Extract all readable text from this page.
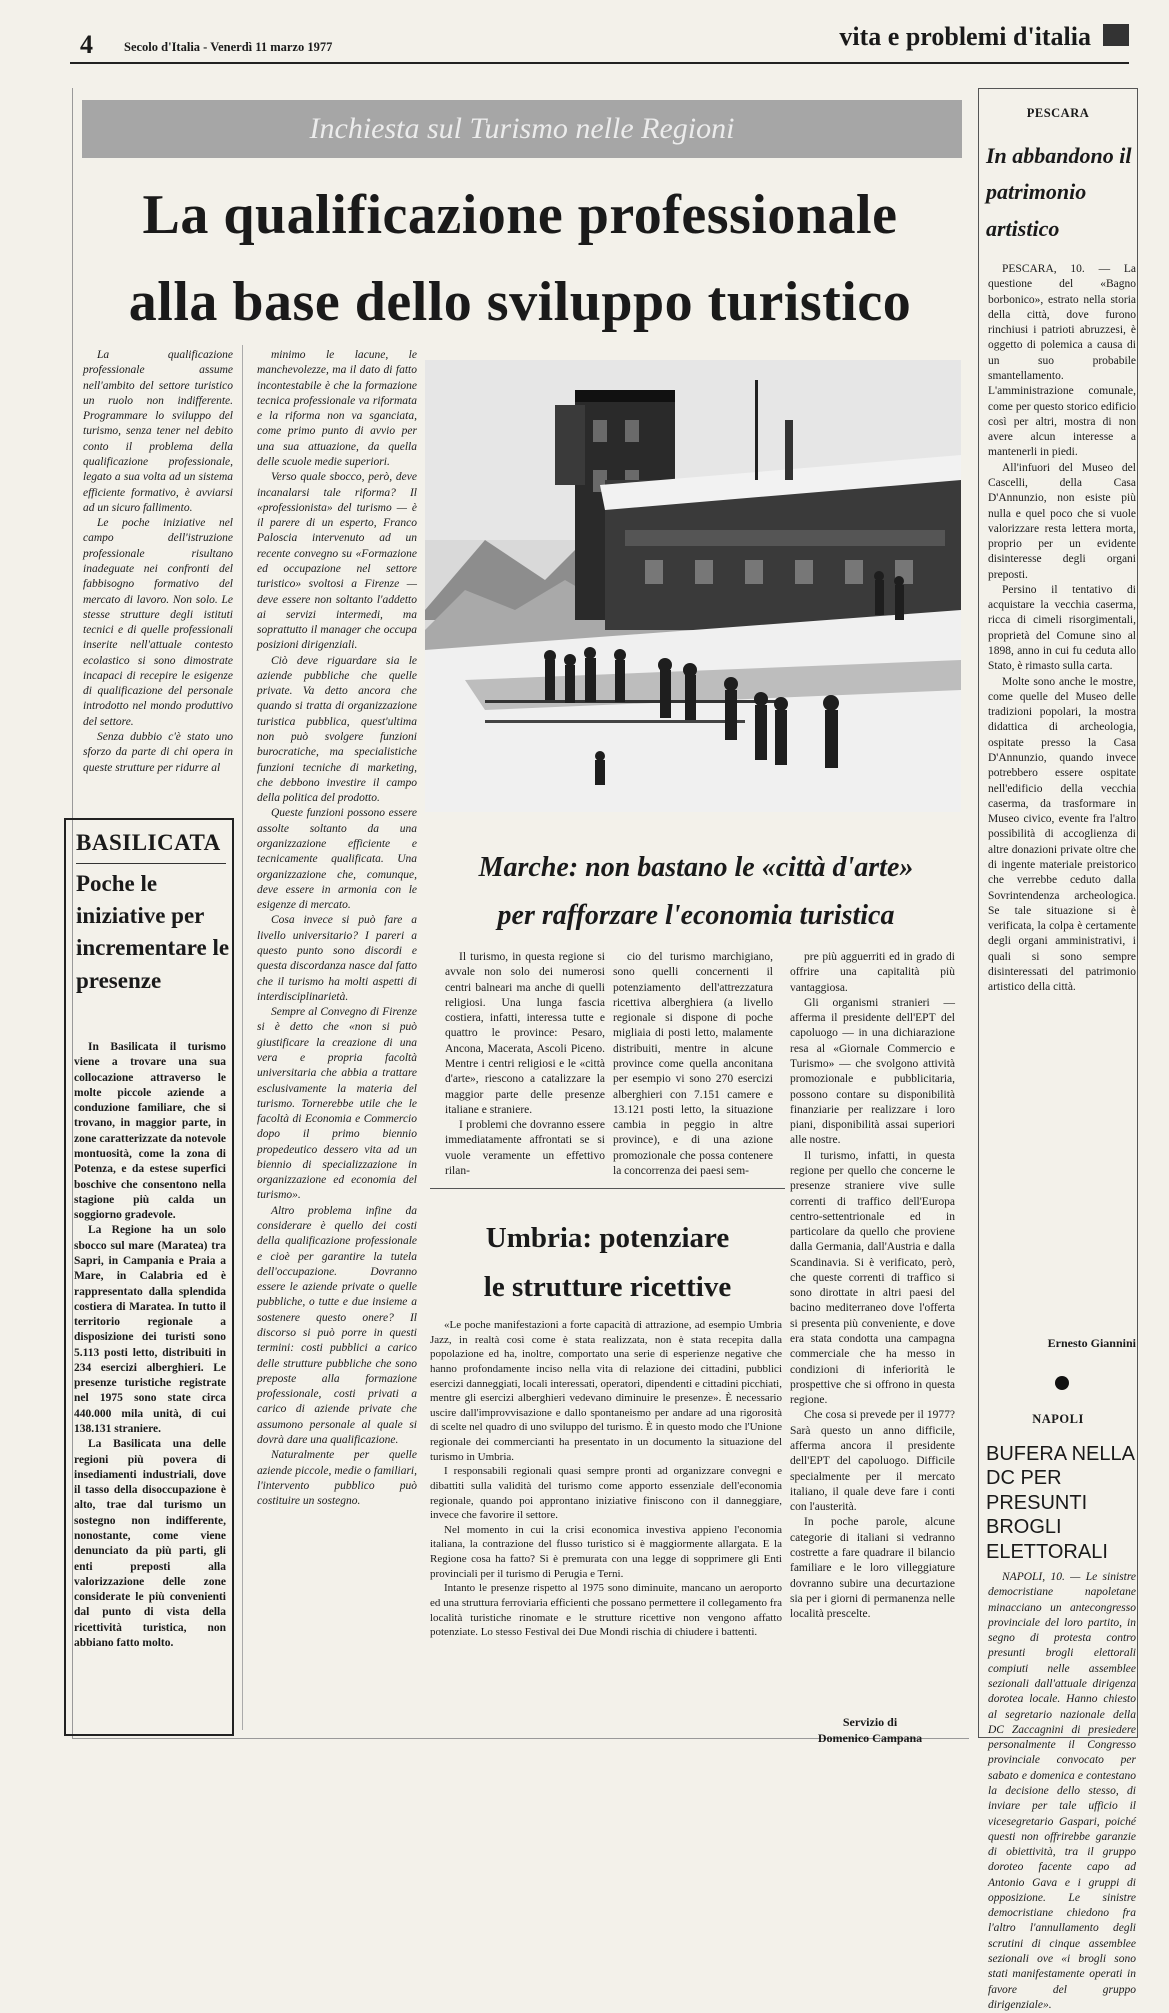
4 Secolo d'Italia - Venerdì 11 marzo 1977	vita e problemi d'italia
Inchiesta sul Turismo nelle Regioni
La qualificazione professionale
alla base dello sviluppo turistico

La qualificazione professionale assume nell'ambito del settore turistico un ruolo non indifferente. Programmare lo sviluppo del turismo, senza tener nel debito conto il problema della qualificazione professionale, legato a sua volta ad un sistema efficiente formativo, è avviarsi ad un sicuro fallimento.

Le poche iniziative nel campo dell'istruzione professionale risultano inadeguate nei confronti del fabbisogno formativo del mercato di lavoro. Non solo. Le stesse strutture degli istituti tecnici e di quelle professionali inserite nell'attuale contesto ecolastico si sono dimostrate incapaci di recepire le esigenze di qualificazione del personale introdotto nel mondo produttivo del settore.

Senza dubbio c'è stato uno sforzo da parte di chi opera in queste strutture per ridurre al

minimo le lacune, le manchevolezze, ma il dato di fatto incontestabile è che la formazione tecnica professionale va riformata e la riforma non va sganciata, come primo punto di avvio per una sua attuazione, da quella delle scuole medie superiori.

Verso quale sbocco, però, deve incanalarsi tale riforma? Il «professionista» del turismo — è il parere di un esperto, Franco Paloscia intervenuto ad un recente convegno su «Formazione ed occupazione nel settore turistico» svoltosi a Firenze — deve essere non soltanto l'addetto ai servizi intermedi, ma soprattutto il manager che occupa posizioni dirigenziali.

Ciò deve riguardare sia le aziende pubbliche che quelle private. Va detto ancora che quando si tratta di organizzazione turistica pubblica, quest'ultima non può svolgere funzioni burocratiche, ma specialistiche funzioni tecniche di marketing, che debbono investire il campo della politica del prodotto.

Queste funzioni possono essere assolte soltanto da una organizzazione efficiente e tecnicamente qualificata. Una organizzazione che, comunque, deve essere in armonia con le esigenze di mercato.

Cosa invece si può fare a livello universitario? I pareri a questo punto sono discordi e questa discordanza nasce dal fatto che il turismo ha molti aspetti di interdisciplinarietà.

Sempre al Convegno di Firenze si è detto che «non si può giustificare la creazione di una vera e propria facoltà universitaria che abbia a trattare esclusivamente la materia del turismo. Tornerebbe utile che le facoltà di Economia e Commercio dopo il primo biennio propedeutico dessero vita ad un biennio di specializzazione in organizzazione ed economia del turismo».

Altro problema infine da considerare è quello dei costi della qualificazione professionale e cioè per garantire la tutela dell'occupazione. Dovranno essere le aziende private o quelle pubbliche, o tutte e due insieme a sostenere questo onere? Il discorso si può porre in questi termini: costi pubblici a carico delle strutture pubbliche che sono preposte alla formazione professionale, costi privati a carico di aziende private che assumono personale al quale si dovrà dare una qualificazione.

Naturalmente per quelle aziende piccole, medie o familiari, l'intervento pubblico può costituire un sostegno.

BASILICATA
Poche le iniziative per incrementare le presenze

In Basilicata il turismo viene a trovare una sua collocazione attraverso le molte piccole aziende a conduzione familiare, che si trovano, in maggior parte, in zone caratterizzate da notevole montuosità, come la zona di Potenza, e da estese superfici boschive che consentono nella stagione più calda un soggiorno gradevole.

La Regione ha un solo sbocco sul mare (Maratea) tra Sapri, in Campania e Praia a Mare, in Calabria ed è rappresentato dalla splendida costiera di Maratea. In tutto il territorio regionale a disposizione dei turisti sono 5.113 posti letto, distribuiti in 234 esercizi alberghieri. Le presenze turistiche registrate nel 1975 sono state circa 440.000 mila unità, di cui 138.131 straniere.

La Basilicata una delle regioni più povera di insediamenti industriali, dove il tasso della disoccupazione è alto, trae dal turismo un sostegno non indifferente, nonostante, come viene denunciato da più parti, gli enti preposti alla valorizzazione delle zone considerate le più convenienti dal punto di vista della ricettività turistica, non abbiano fatto molto.

Marche: non bastano le «città d'arte»
per rafforzare l'economia turistica

Il turismo, in questa regione si avvale non solo dei numerosi centri balneari ma anche di quelli religiosi. Una lunga fascia costiera, infatti, interessa tutte e quattro le province: Pesaro, Ancona, Macerata, Ascoli Piceno. Mentre i centri religiosi e le «città d'arte», riescono a catalizzare la maggior parte delle presenze italiane e straniere.

I problemi che dovranno essere immediatamente affrontati se si vuole veramente un effettivo rilan-

cio del turismo marchigiano, sono quelli concernenti il potenziamento dell'attrezzatura ricettiva alberghiera (a livello regionale si dispone di poche migliaia di posti letto, malamente distribuiti, mentre in alcune province come quella anconitana per esempio vi sono 270 esercizi alberghieri con 7.151 camere e 13.121 posti letto, la situazione cambia in peggio in altre province), e di una azione promozionale che possa contenere la concorrenza dei paesi sem-

pre più agguerriti ed in grado di offrire una capitalità più vantaggiosa.

Gli organismi stranieri — afferma il presidente dell'EPT del capoluogo — in una dichiarazione resa al «Giornale Commercio e Turismo» — che svolgono attività promozionale e pubblicitaria, possono contare su disponibilità finanziarie per realizzare i loro piani, disponibilità assai superiori alle nostre.

Il turismo, infatti, in questa regione per quello che concerne le presenze straniere vive sulle correnti di traffico dell'Europa centro-settentrionale ed in particolare da quello che proviene dalla Germania, dall'Austria e dalla Scandinavia. Si è verificato, però, che queste correnti di traffico si sono dirottate in altri paesi del bacino mediterraneo dove l'offerta si presenta più conveniente, e dove era stata condotta una campagna commerciale che ha messo in condizioni di inferiorità le prospettive che si offrono in questa regione.

Che cosa si prevede per il 1977? Sarà questo un anno difficile, afferma ancora il presidente dell'EPT del capoluogo. Difficile specialmente per il mercato italiano, il quale deve fare i conti con l'austerità.

In poche parole, alcune categorie di italiani si vedranno costrette a fare quadrare il bilancio familiare e le loro villeggiature dovranno subire una decurtazione sia per i giorni di permanenza nelle località prescelte.

Umbria: potenziare
le strutture ricettive

«Le poche manifestazioni a forte capacità di attrazione, ad esempio Umbria Jazz, in realtà così come è stata realizzata, non è stata recepita dalla popolazione ed ha, inoltre, comportato una serie di esperienze negative che hanno profondamente inciso nella vita di relazione dei cittadini, pubblici esercizi danneggiati, locali interessati, operatori, dipendenti e cittadini picchiati, mentre gli esercizi alberghieri vedevano diminuire le presenze». È necessario uscire dall'improvvisazione e dallo spontaneismo per andare ad una rigorosità di scelte nel quadro di uno sviluppo del turismo. È in questo modo che l'Unione regionale dei commercianti ha presentato in un documento la situazione del turismo in Umbria.

I responsabili regionali quasi sempre pronti ad organizzare convegni e dibattiti sulla validità del turismo come apporto essenziale dell'economia regionale, quando poi approntano iniziative finiscono con il danneggiare, invece che favorire il settore.

Nel momento in cui la crisi economica investiva appieno l'economia italiana, la contrazione del flusso turistico si è maggiormente allargata. E la Regione cosa ha fatto? Si è premurata con una legge di sopprimere gli Enti provinciali per il turismo di Perugia e Terni.

Intanto le presenze rispetto al 1975 sono diminuite, mancano un aeroporto ed una struttura ferroviaria efficienti che possano permettere il collegamento fra località turistiche rinomate e le strutture ricettive non vengono affatto potenziate. Lo stesso Festival dei Due Mondi rischia di chiudere i battenti.

Servizio di
Domenico Campana
PESCARA
In abbandono il patrimonio artistico

PESCARA, 10. — La questione del «Bagno borbonico», estrato nella storia della città, dove furono rinchiusi i patrioti abruzzesi, è oggetto di polemica a causa di un suo probabile smantellamento. L'amministrazione comunale, come per questo storico edificio così per altri, mostra di non avere alcun interesse a mantenerli in piedi.

All'infuori del Museo del Cascelli, della Casa D'Annunzio, non esiste più nulla e quel poco che si vuole valorizzare resta lettera morta, proprio per un evidente disinteresse degli organi preposti.

Persino il tentativo di acquistare la vecchia caserma, ricca di cimeli risorgimentali, proprietà del Comune sino al 1898, anno in cui fu ceduta allo Stato, è rimasto sulla carta.

Molte sono anche le mostre, come quelle del Museo delle tradizioni popolari, la mostra didattica di archeologia, ospitate presso la Casa D'Annunzio, quando invece potrebbero essere ospitate nell'edificio della vecchia caserma, da trasformare in Museo civico, evente fra l'altro possibilità di accoglienza di altre donazioni private oltre che di ingente materiale preistorico che verrebbe ceduto dalla Sovrintendenza archeologica. Se tale situazione si è verificata, la colpa è certamente degli organi amministrativi, i quali si sono sempre disinteressati del patrimonio artistico della città.

Ernesto Giannini
NAPOLI
BUFERA NELLA DC PER PRESUNTI BROGLI ELETTORALI

NAPOLI, 10. — Le sinistre democristiane napoletane minacciano un antecongresso provinciale del loro partito, in segno di protesta contro presunti brogli elettorali compiuti nelle assemblee sezionali dall'attuale dirigenza dorotea locale. Hanno chiesto al segretario nazionale della DC Zaccagnini di presiedere personalmente il Congresso provinciale convocato per sabato e domenica e contestano la decisione dello stesso, di inviare per tale ufficio il vicesegretario Gaspari, poiché questi non offrirebbe garanzie di obiettività, tra il gruppo doroteo facente capo ad Antonio Gava e i gruppi di opposizione. Le sinistre democristiane chiedono fra l'altro l'annullamento degli scrutini di cinque assemblee sezionali ove «i brogli sono stati manifestamente operati in favore del gruppo dirigenziale».
